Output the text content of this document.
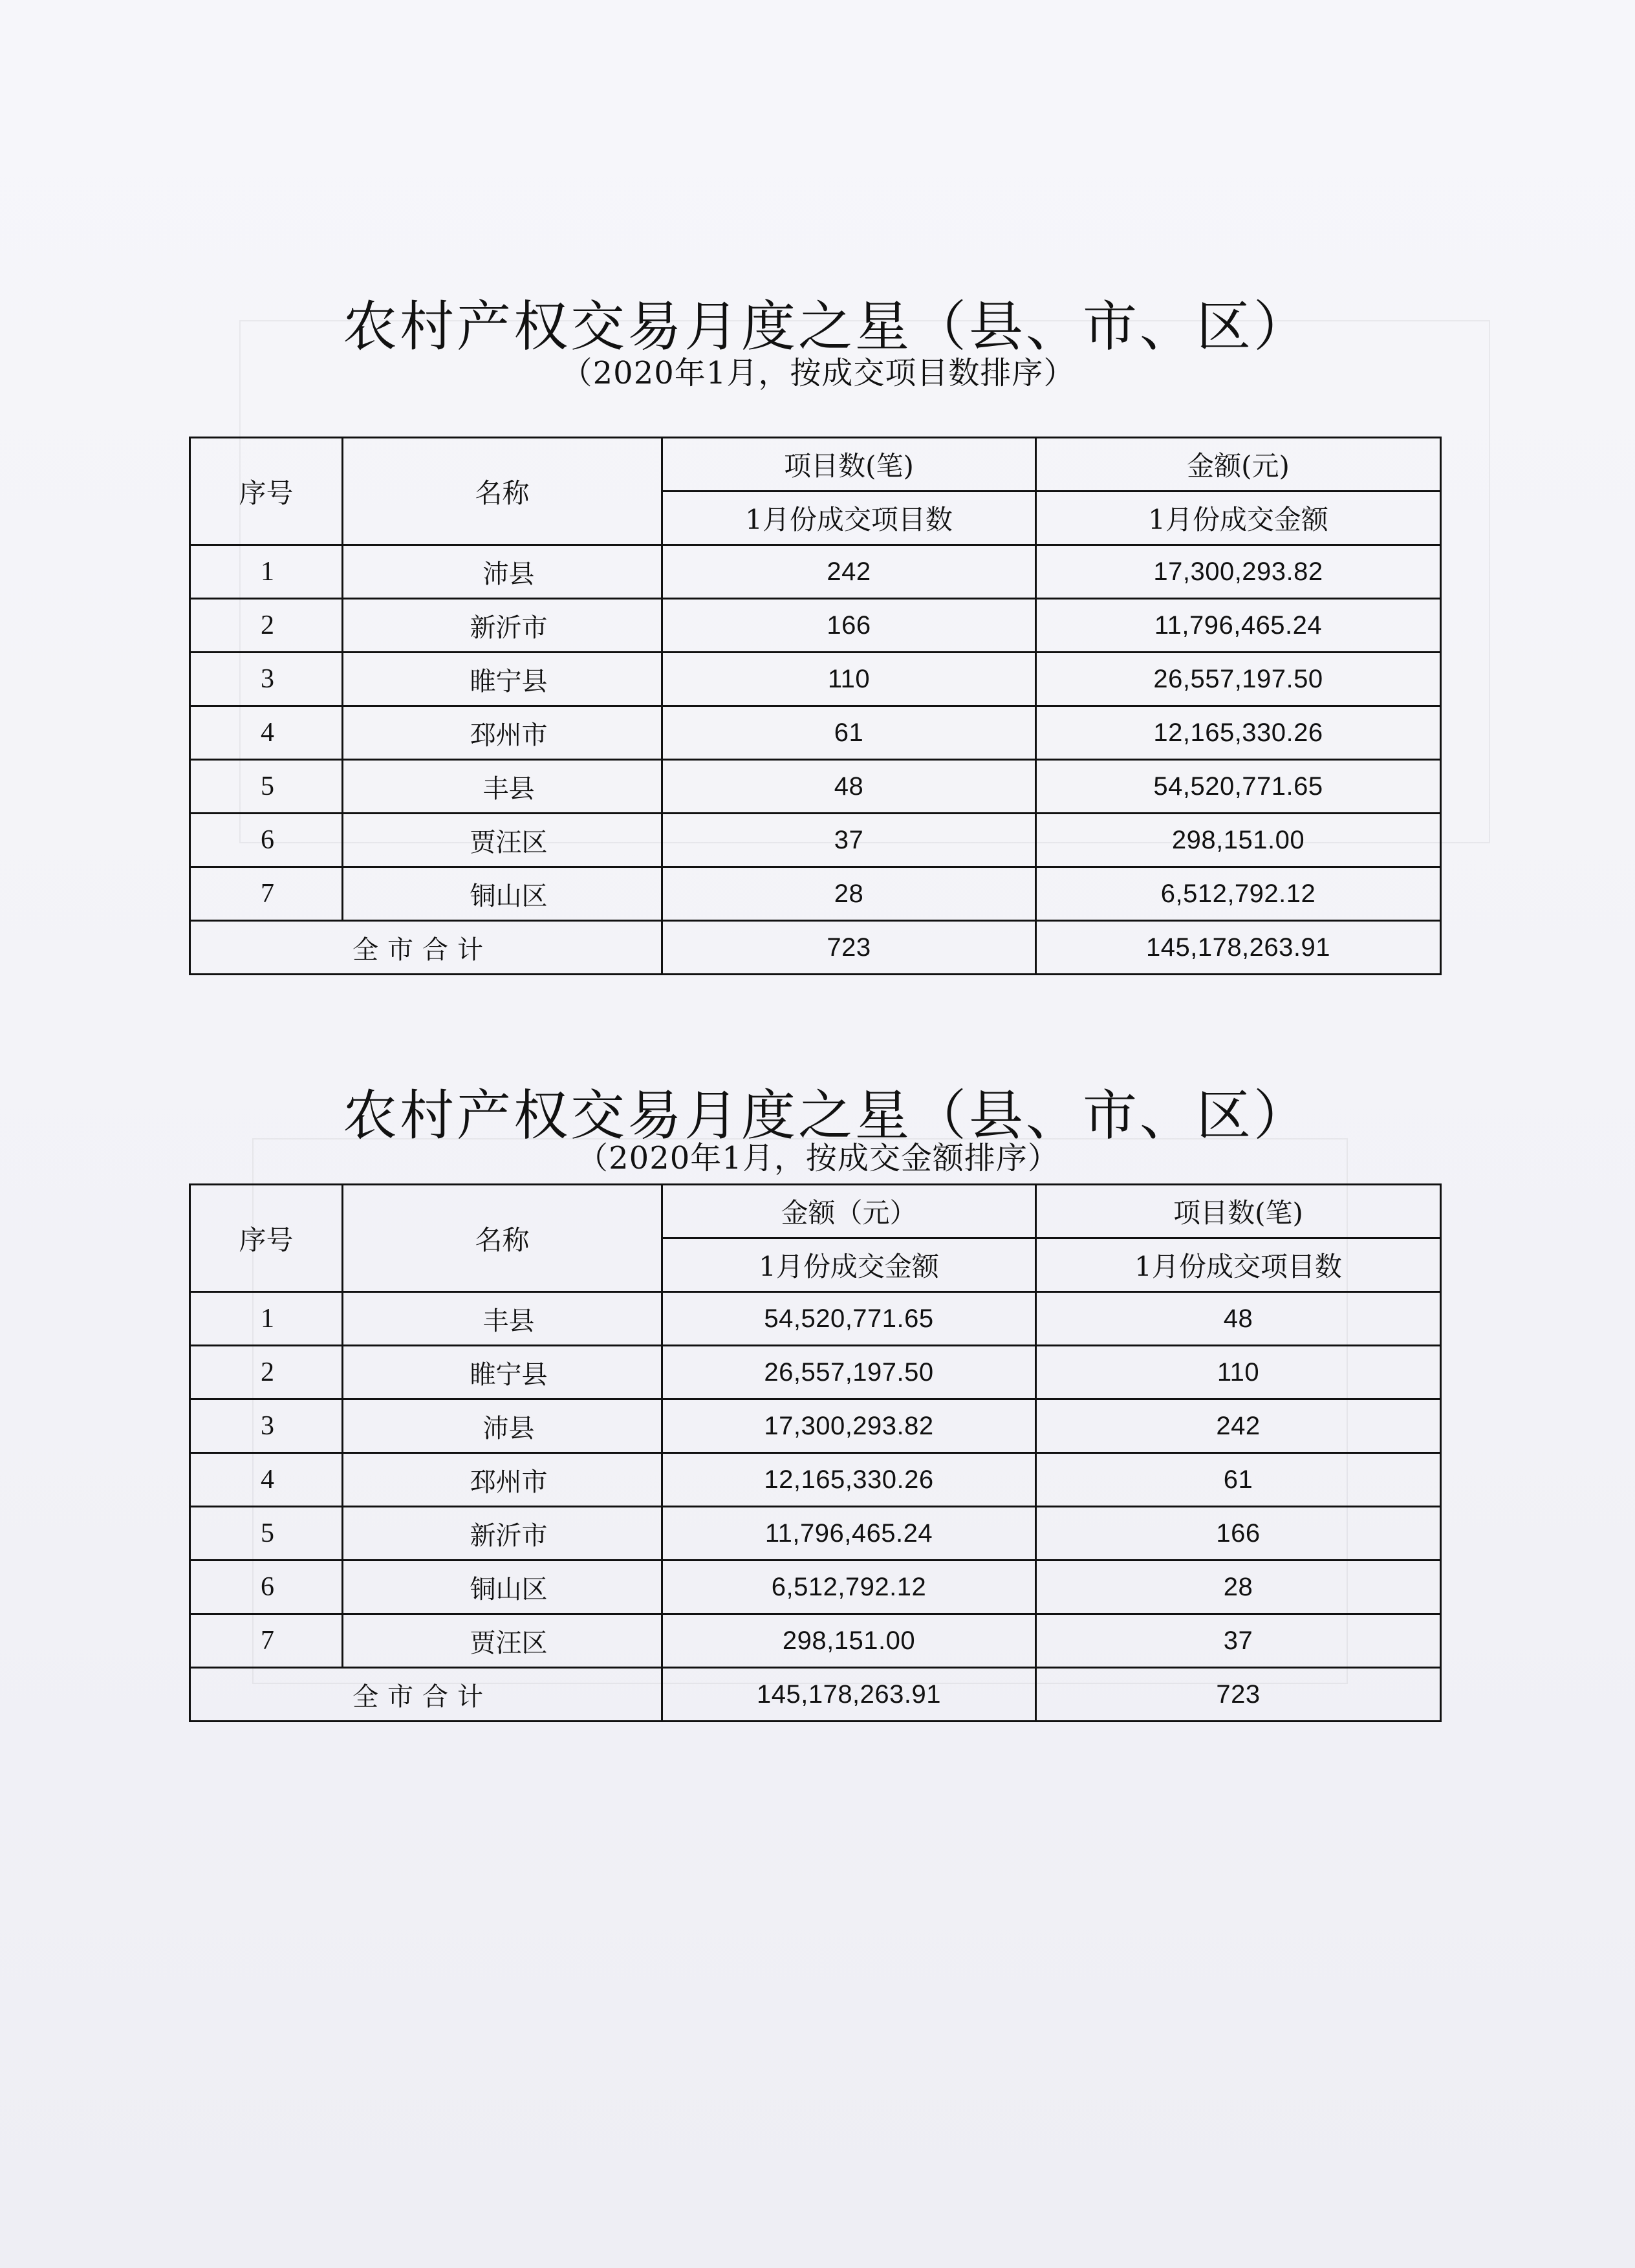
农村产权交易月度之星（县、市、区）
（2020年1月，按成交项目数排序）
序号	名称	项目数(笔)	金额(元)
		1月份成交项目数	1月份成交金额
1	沛县	242	17,300,293.82
2	新沂市	166	11,796,465.24
3	睢宁县	110	26,557,197.50
4	邳州市	61	12,165,330.26
5	丰县	48	54,520,771.65
6	贾汪区	37	298,151.00
7	铜山区	28	6,512,792.12
全市合计		723	145,178,263.91
农村产权交易月度之星（县、市、区）
（2020年1月，按成交金额排序）
序号	名称	金额（元）	项目数(笔)
		1月份成交金额	1月份成交项目数
1	丰县	54,520,771.65	48
2	睢宁县	26,557,197.50	110
3	沛县	17,300,293.82	242
4	邳州市	12,165,330.26	61
5	新沂市	11,796,465.24	166
6	铜山区	6,512,792.12	28
7	贾汪区	298,151.00	37
全市合计		145,178,263.91	723
